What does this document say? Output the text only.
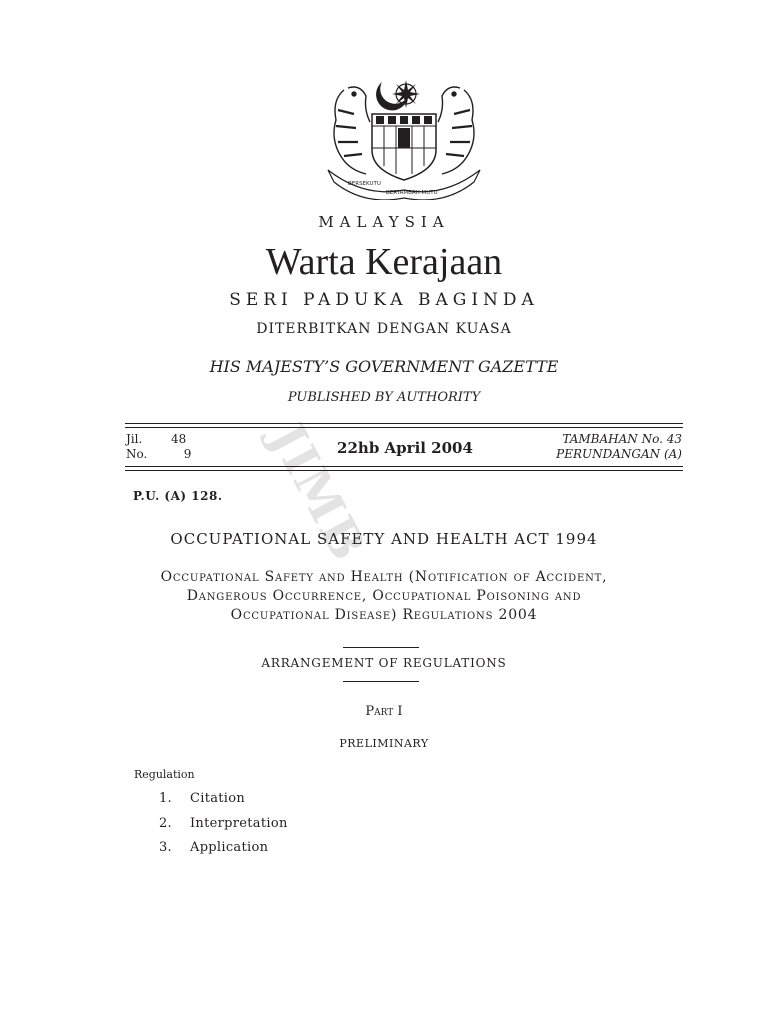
BERSEKUTU
BERTAMBAH MUTU
MALAYSIA
Warta Kerajaan
SERI PADUKA BAGINDA
DITERBITKAN DENGAN KUASA
HIS MAJESTY’S GOVERNMENT GAZETTE
PUBLISHED BY AUTHORITY
JIMB
Jil. 48
No.	9	22hb April 2004	TAMBAHAN No. 43
PERUNDANGAN (A)
P.U. (A) 128.
OCCUPATIONAL SAFETY AND HEALTH ACT 1994
Occupational Safety and Health (Notification of Accident,
Dangerous Occurrence, Occupational Poisoning and
Occupational Disease) Regulations 2004
ARRANGEMENT OF REGULATIONS
Part I
PRELIMINARY
Regulation
1. Citation
2. Interpretation
3. Application
